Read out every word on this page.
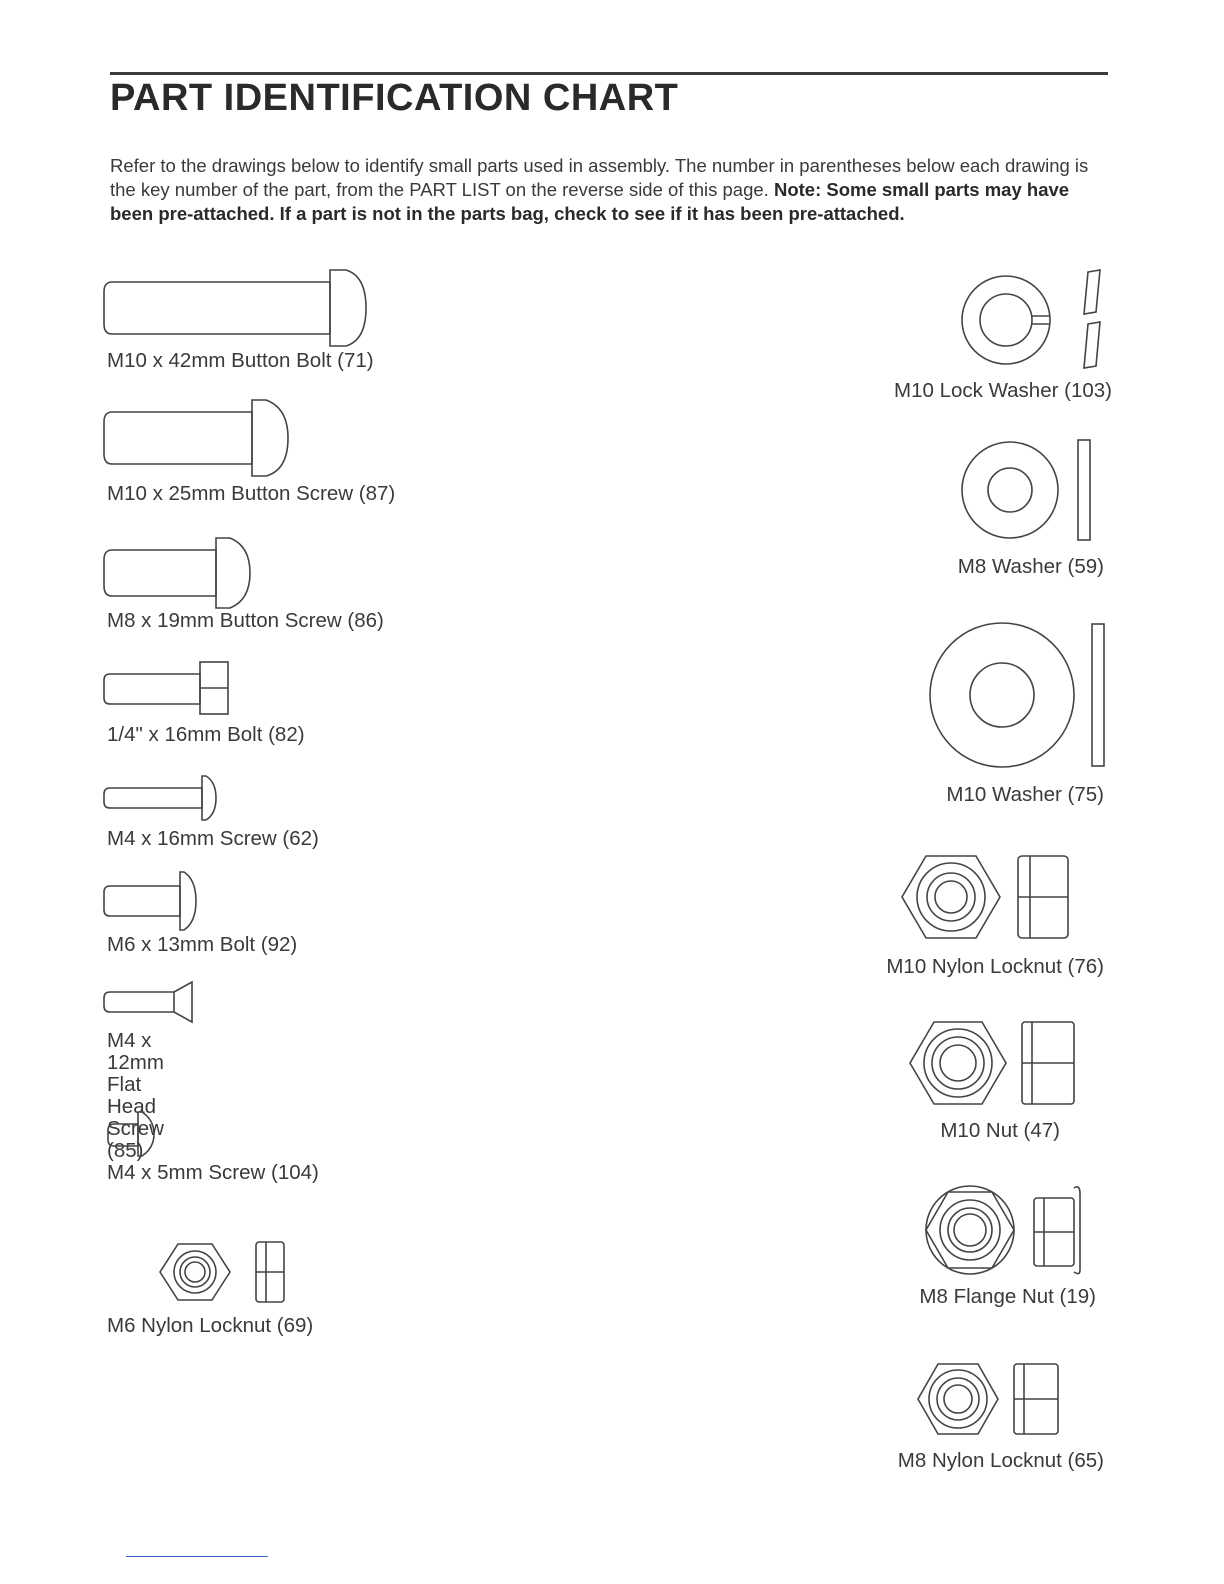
PART IDENTIFICATION CHART
Refer to the drawings below to identify small parts used in assembly. The number in parentheses below each drawing is the key number of the part, from the PART LIST on the reverse side of this page. Note: Some small parts may have been pre-attached. If a part is not in the parts bag, check to see if it has been pre-attached.
M10 x 42mm Button Bolt (71)
M10 x 25mm Button Screw (87)
M8 x 19mm Button Screw (86)
1/4" x 16mm Bolt (82)
M4 x 16mm Screw (62)
M6 x 13mm Bolt (92)
M4 x 12mm Flat
Head Screw (85)
M4 x 5mm Screw (104)
M6 Nylon Locknut (69)
M10 Lock Washer (103)
M8 Washer (59)
M10 Washer (75)
M10 Nylon Locknut (76)
M10 Nut (47)
M8 Flange Nut (19)
M8 Nylon Locknut (65)
